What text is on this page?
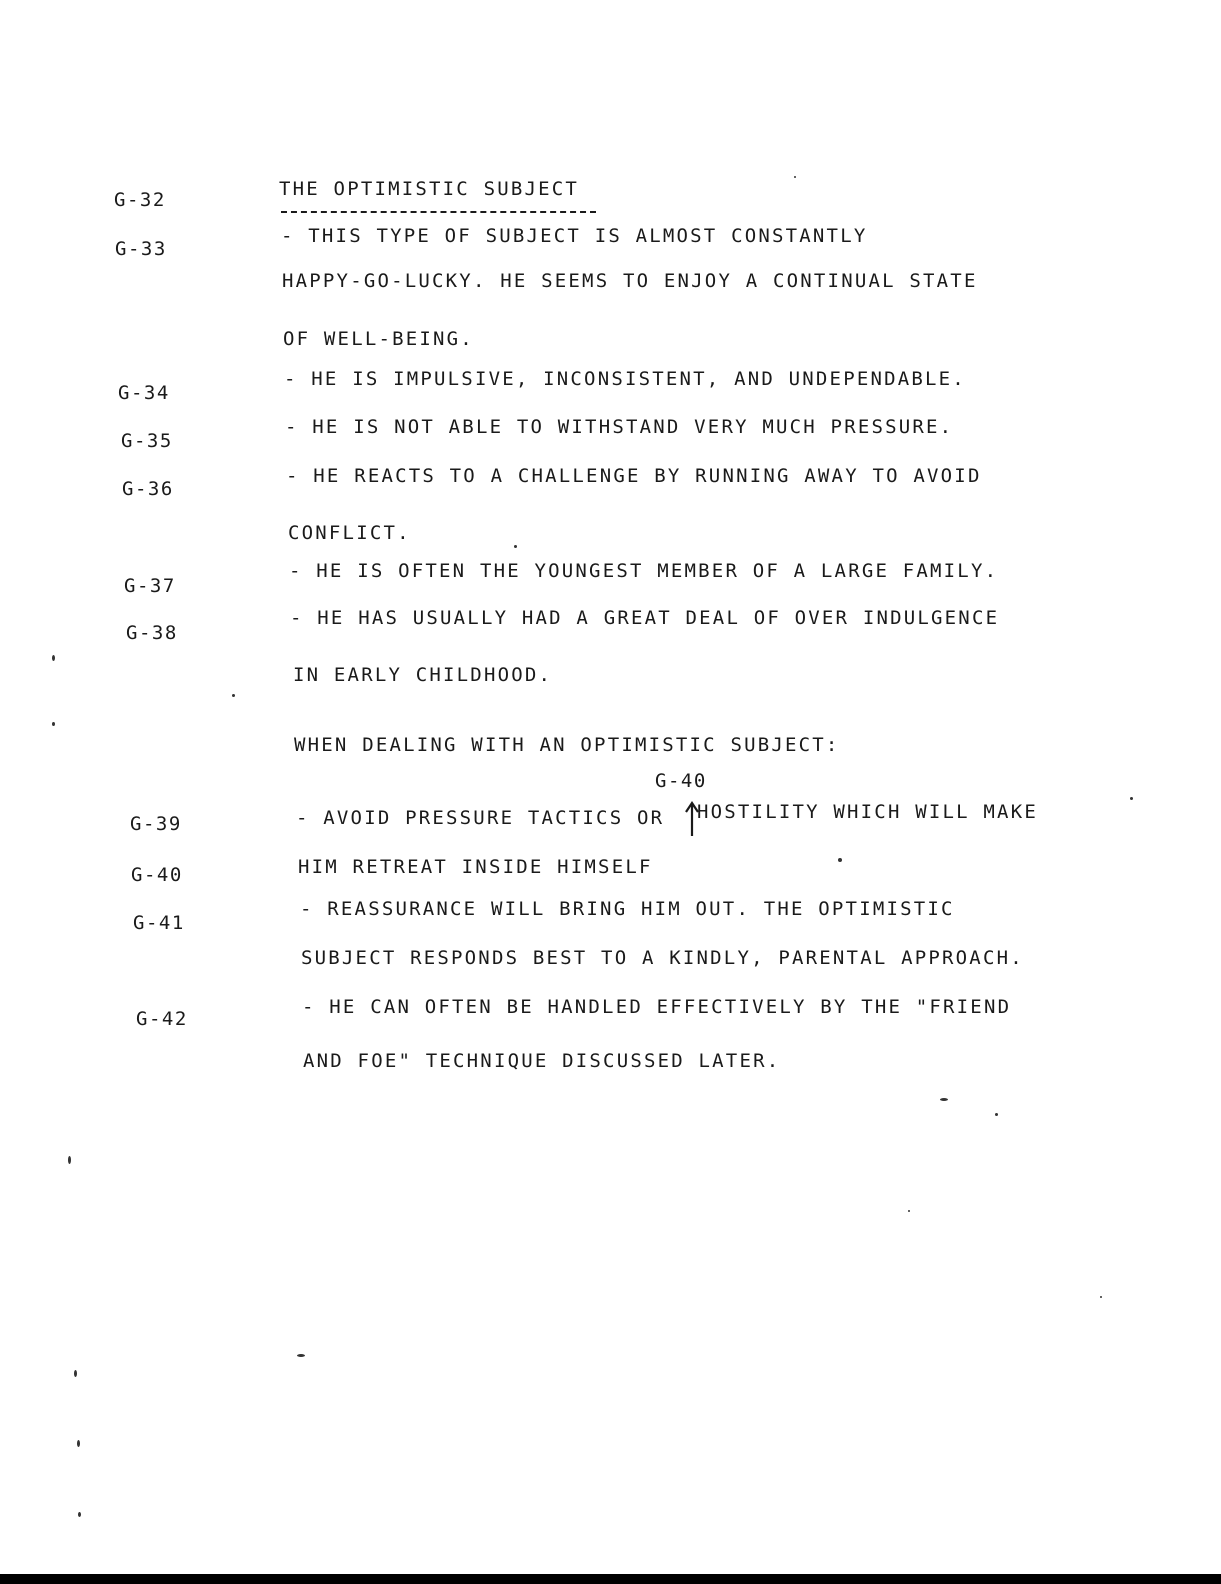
G-32
G-33
G-34
G-35
G-36
G-37
G-38
G-39
G-40
G-41
G-42
THE OPTIMISTIC SUBJECT
- THIS TYPE OF SUBJECT IS ALMOST CONSTANTLY
HAPPY-GO-LUCKY. HE SEEMS TO ENJOY A CONTINUAL STATE
OF WELL-BEING.
- HE IS IMPULSIVE, INCONSISTENT, AND UNDEPENDABLE.
- HE IS NOT ABLE TO WITHSTAND VERY MUCH PRESSURE.
- HE REACTS TO A CHALLENGE BY RUNNING AWAY TO AVOID
CONFLICT.
- HE IS OFTEN THE YOUNGEST MEMBER OF A LARGE FAMILY.
- HE HAS USUALLY HAD A GREAT DEAL OF OVER INDULGENCE
IN EARLY CHILDHOOD.
WHEN DEALING WITH AN OPTIMISTIC SUBJECT:
G-40
- AVOID PRESSURE TACTICS OR HOSTILITY WHICH WILL MAKE
HIM RETREAT INSIDE HIMSELF
- REASSURANCE WILL BRING HIM OUT. THE OPTIMISTIC
SUBJECT RESPONDS BEST TO A KINDLY, PARENTAL APPROACH.
- HE CAN OFTEN BE HANDLED EFFECTIVELY BY THE "FRIEND
AND FOE" TECHNIQUE DISCUSSED LATER.
